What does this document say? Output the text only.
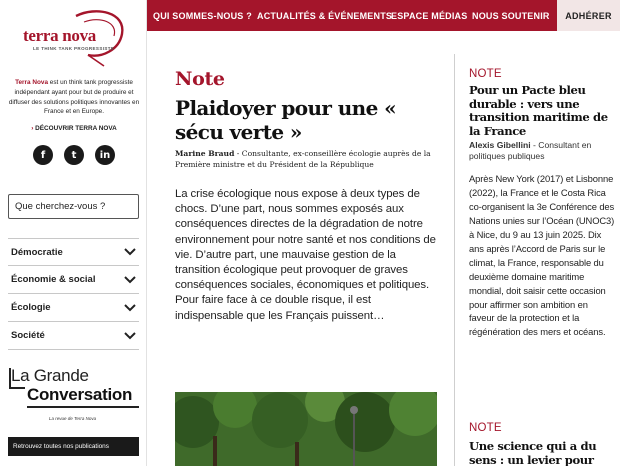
terra nova
LE THINK TANK PROGRESSISTE

Terra Nova est un think tank progressiste indépendant ayant pour but de produire et diffuser des solutions politiques innovantes en France et en Europe.

› DÉCOUVRIR TERRA NOVA
f	t	in
Que cherchez-vous ?
Démocratie
Économie & social
Écologie
Société
La Grande
Conversation
La revue de Terra Nova
Retrouvez toutes nos publications
QUI SOMMES-NOUS ? ACTUALITÉS & ÉVÉNEMENTS
ESPACE MÉDIAS NOUS SOUTENIR	ADHÉRER
Note
Plaidoyer pour une « sécu verte »

Marine Braud - Consultante, ex-conseillère écologie auprès de la Première ministre et du Président de la République

La crise écologique nous expose à deux types de chocs. D’une part, nous sommes exposés aux conséquences directes de la dégradation de notre environnement pour notre santé et nos conditions de vie. D’autre part, une mauvaise gestion de la transition écologique peut provoquer de graves conséquences sociales, économiques et politiques. Pour faire face à ce double risque, il est indispensable que les Français puissent…

NOTE
Pour un Pacte bleu durable : vers une transition maritime de la France

Alexis Gibellini - Consultant en politiques publiques

Après New York (2017) et Lisbonne (2022), la France et le Costa Rica co-organisent la 3e Conférence des Nations unies sur l’Océan (UNOC3) à Nice, du 9 au 13 juin 2025. Dix ans après l’Accord de Paris sur le climat, la France, responsable du deuxième domaine maritime mondial, doit saisir cette occasion pour affirmer son ambition en faveur de la protection et la régénération des mers et océans.

NOTE
Une science qui a du sens : un levier pour
